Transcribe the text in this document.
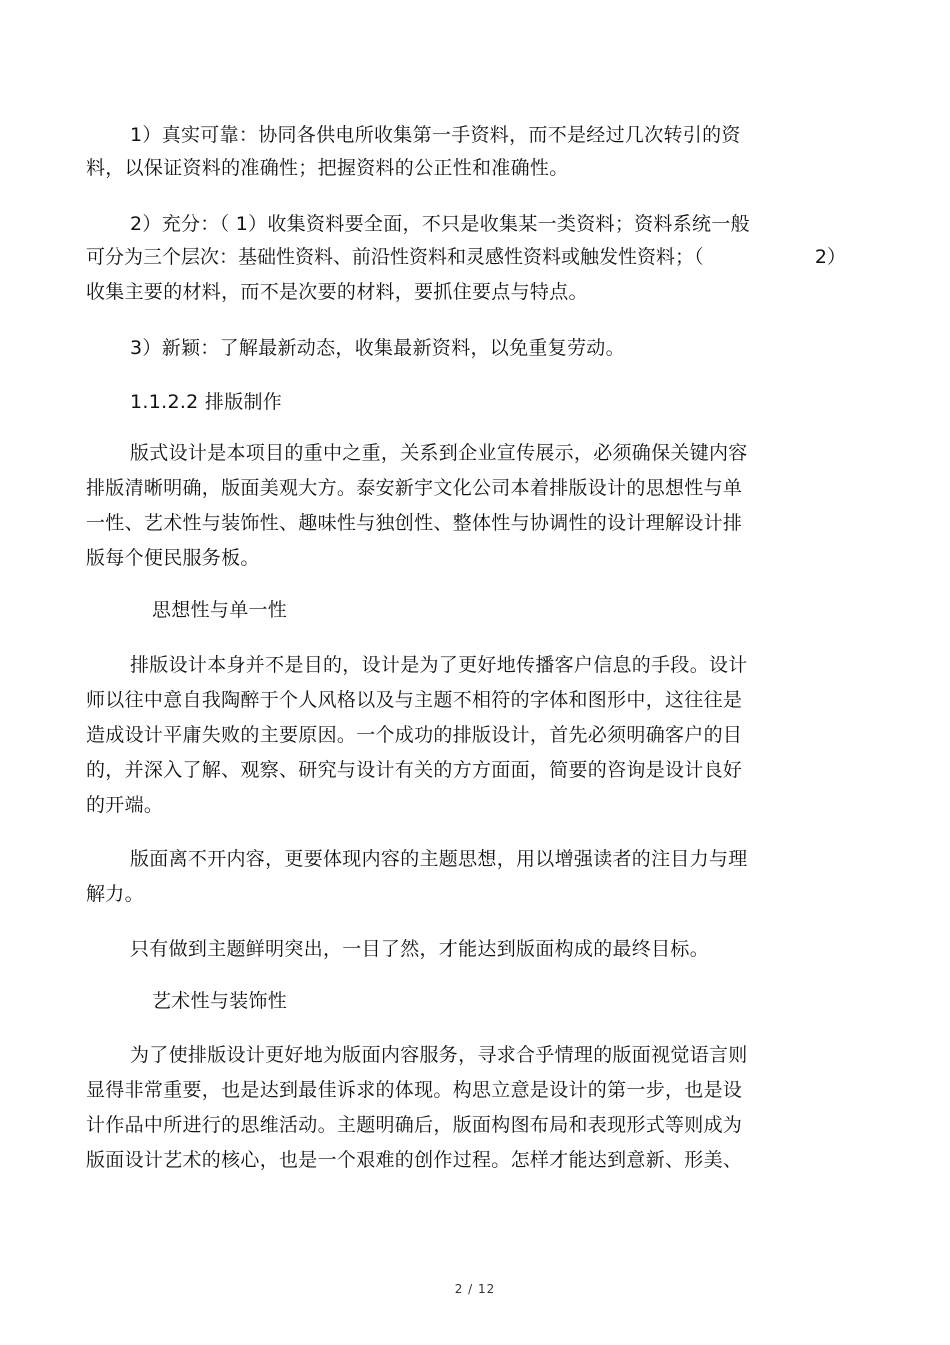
1）真实可靠：协同各供电所收集第一手资料，而不是经过几次转引的资
料，以保证资料的准确性；把握资料的公正性和准确性。
2）充分：（ 1）收集资料要全面，不只是收集某一类资料；资料系统一般
可分为三个层次：基础性资料、前沿性资料和灵感性资料或触发性资料；（	2）
收集主要的材料，而不是次要的材料，要抓住要点与特点。
3）新颖：了解最新动态，收集最新资料，以免重复劳动。
1.1.2.2 排版制作
版式设计是本项目的重中之重，关系到企业宣传展示，必须确保关键内容
排版清晰明确，版面美观大方。泰安新宇文化公司本着排版设计的思想性与单
一性、艺术性与装饰性、趣味性与独创性、整体性与协调性的设计理解设计排
版每个便民服务板。
思想性与单一性
排版设计本身并不是目的，设计是为了更好地传播客户信息的手段。设计
师以往中意自我陶醉于个人风格以及与主题不相符的字体和图形中，这往往是
造成设计平庸失败的主要原因。一个成功的排版设计，首先必须明确客户的目
的，并深入了解、观察、研究与设计有关的方方面面，简要的咨询是设计良好
的开端。
版面离不开内容，更要体现内容的主题思想，用以增强读者的注目力与理
解力。
只有做到主题鲜明突出，一目了然，才能达到版面构成的最终目标。
艺术性与装饰性
为了使排版设计更好地为版面内容服务，寻求合乎情理的版面视觉语言则
显得非常重要，也是达到最佳诉求的体现。构思立意是设计的第一步，也是设
计作品中所进行的思维活动。主题明确后，版面构图布局和表现形式等则成为
版面设计艺术的核心，也是一个艰难的创作过程。怎样才能达到意新、形美、
2 / 12
